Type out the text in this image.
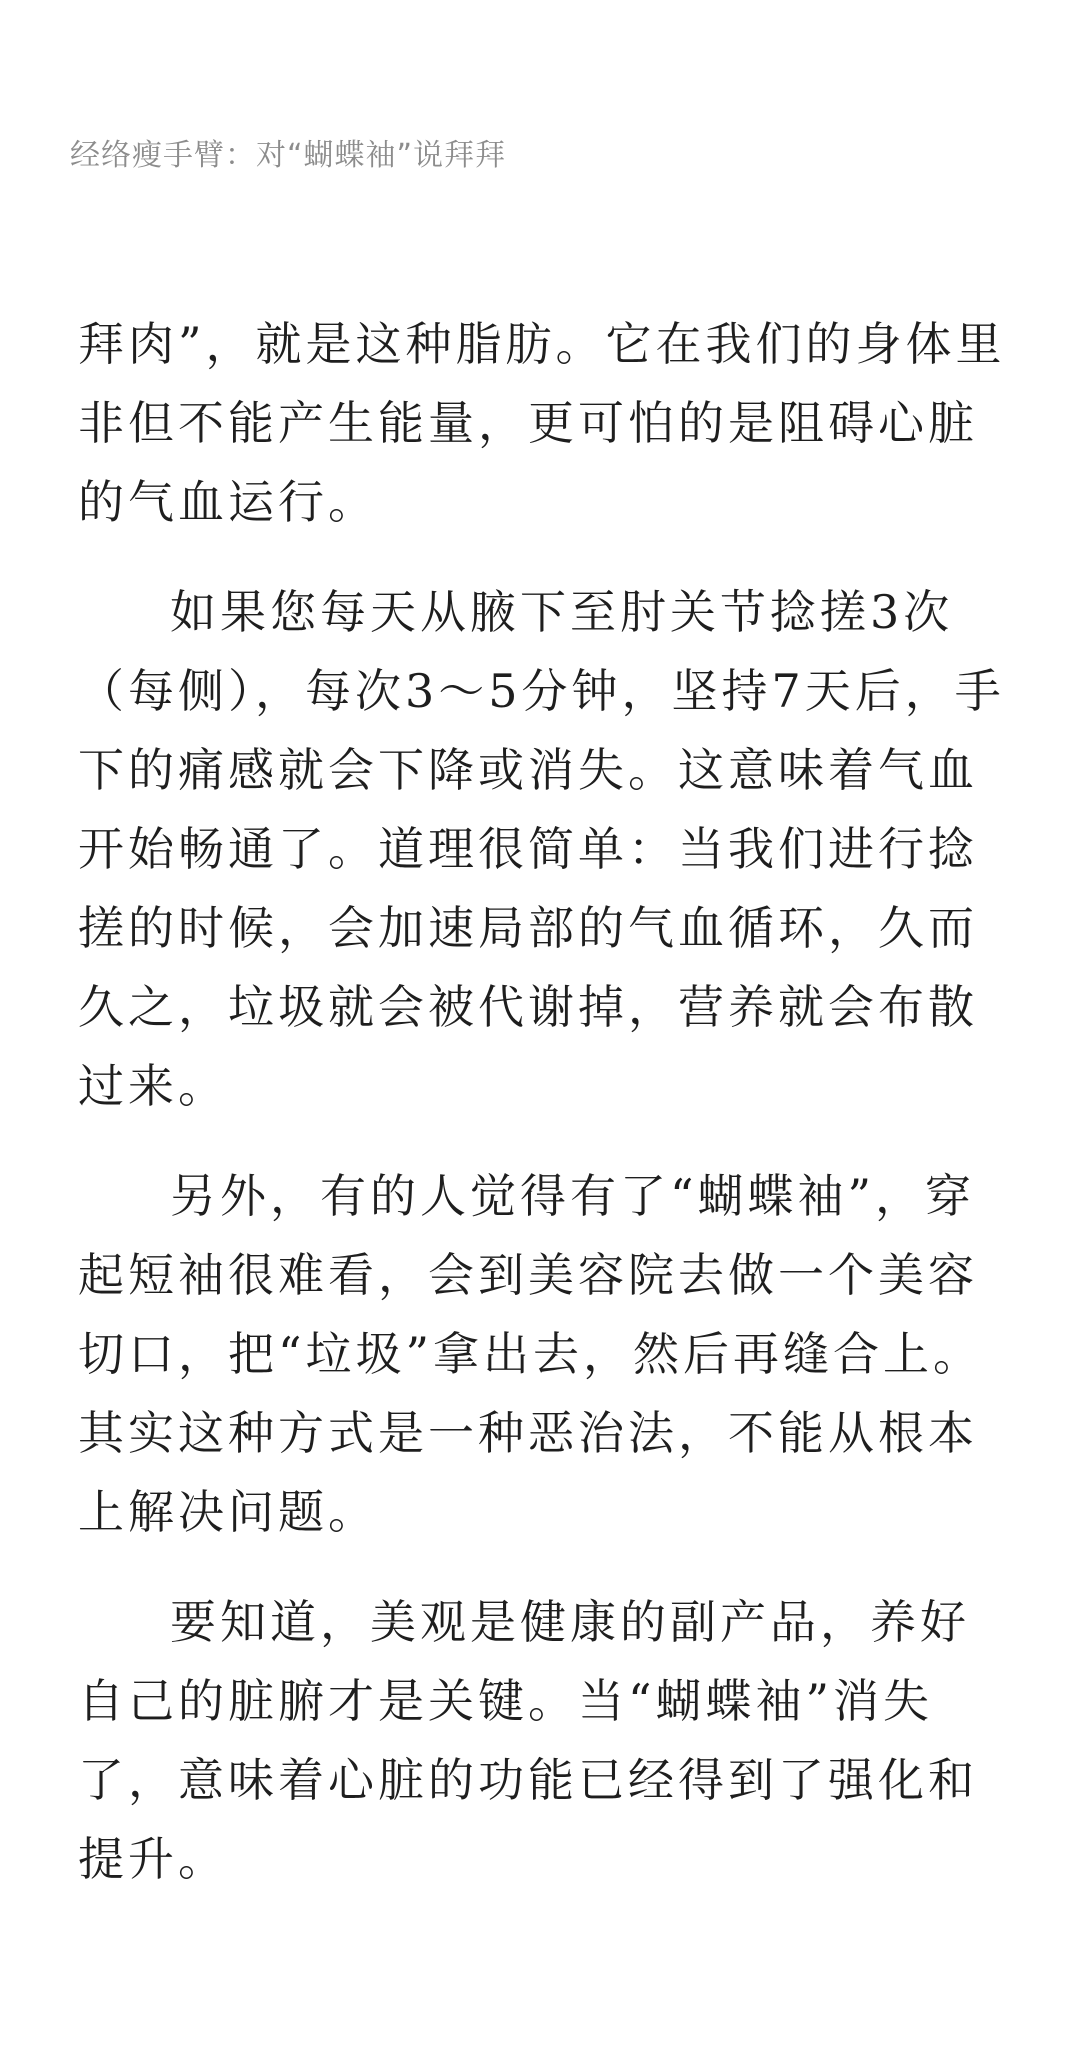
经络瘦手臂：对“蝴蝶袖”说拜拜

拜肉”，就是这种脂肪。它在我们的身体里非但不能产生能量，更可怕的是阻碍心脏的气血运行。

如果您每天从腋下至肘关节捻搓3次（每侧），每次3～5分钟，坚持7天后，手下的痛感就会下降或消失。这意味着气血开始畅通了。道理很简单：当我们进行捻搓的时候，会加速局部的气血循环，久而久之，垃圾就会被代谢掉，营养就会布散过来。

另外，有的人觉得有了“蝴蝶袖”，穿起短袖很难看，会到美容院去做一个美容切口，把“垃圾”拿出去，然后再缝合上。其实这种方式是一种恶治法，不能从根本上解决问题。

要知道，美观是健康的副产品，养好自己的脏腑才是关键。当“蝴蝶袖”消失了，意味着心脏的功能已经得到了强化和提升。
